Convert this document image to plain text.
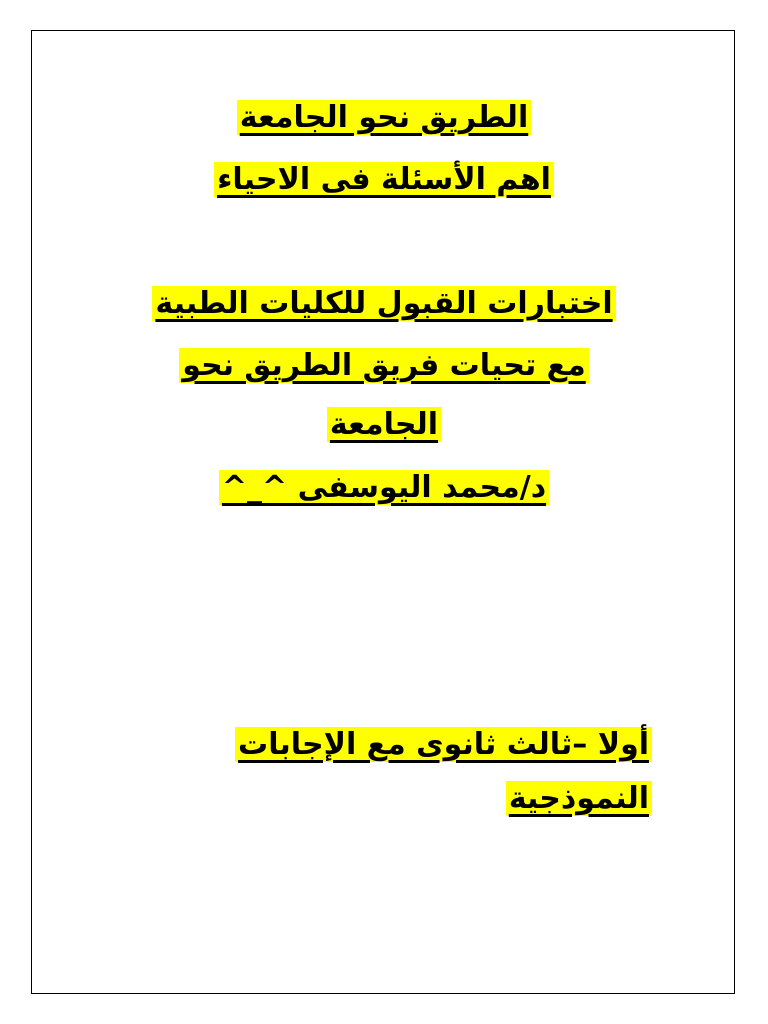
الطريق نحو الجامعة
اهم الأسئلة فى الاحياء
اختبارات القبول للكليات الطبية
مع تحيات فريق الطريق نحو
الجامعة
د/محمد اليوسفى ^_^
أولا –ثالث ثانوى مع الإجابات
النموذجية
